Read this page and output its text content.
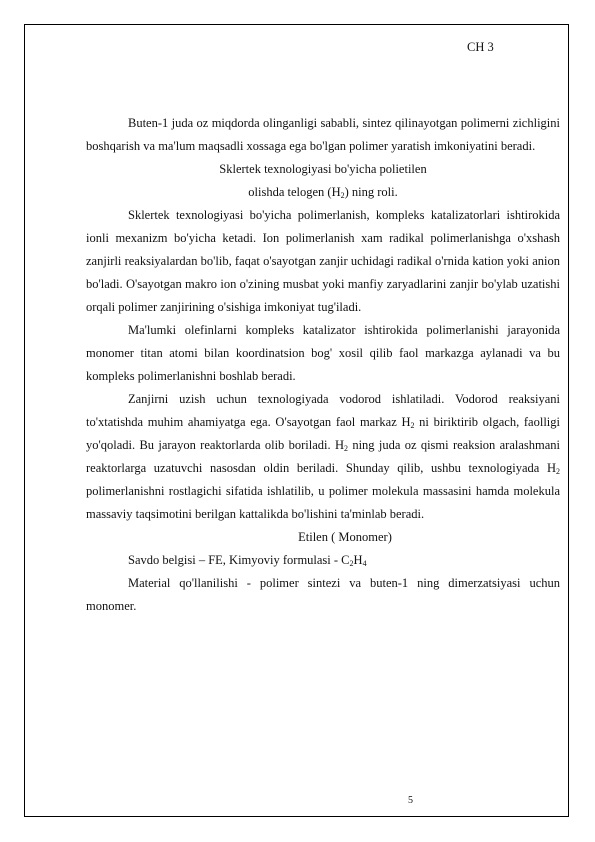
CH 3

Buten-1 juda oz miqdorda olinganligi sababli, sintez qilinayotgan polimerni zichligini boshqarish va ma'lum maqsadli xossaga ega bo'lgan polimer yaratish imkoniyatini beradi.

Sklertek texnologiyasi bo'yicha polietilen

olishda telogen $(H_2)$ ning roli.

Sklertek texnologiyasi bo'yicha polimerlanish, kompleks katalizatorlari ishtirokida ionli mexanizm bo'yicha ketadi. Ion polimerlanish xam radikal polimerlanishga o'xshash zanjirli reaksiyalardan bo'lib, faqat o'sayotgan zanjir uchidagi radikal o'rnida kation yoki anion bo'ladi. O'sayotgan makro ion o'zining musbat yoki manfiy zaryadlarini zanjir bo'ylab uzatishi orqali polimer zanjirining o'sishiga imkoniyat tug'iladi.

Ma'lumki olefinlarni kompleks katalizator ishtirokida polimerlanishi jarayonida monomer titan atomi bilan koordinatsion bog' xosil qilib faol markazga aylanadi va bu kompleks polimerlanishni boshlab beradi.

Zanjirni uzish uchun texnologiyada vodorod ishlatiladi. Vodorod reaksiyani to'xtatishda muhim ahamiyatga ega. O'sayotgan faol markaz $H_2$ ni biriktirib olgach, faolligi yo'qoladi. Bu jarayon reaktorlarda olib boriladi. $H_2$ ning juda oz qismi reaksion aralashmani reaktorlarga uzatuvchi nasosdan oldin beriladi. Shunday qilib, ushbu texnologiyada $H_2$ polimerlanishni rostlagichi sifatida ishlatilib, u polimer molekula massasini hamda molekula massaviy taqsimotini berilgan kattalikda bo'lishini ta'minlab beradi.

Etilen ( Monomer)

Savdo belgisi – FE, Kimyoviy formulasi - $C_2H_4$

Material qo'llanilishi - polimer sintezi va buten-1 ning dimerzatsiyasi uchun monomer.

5
